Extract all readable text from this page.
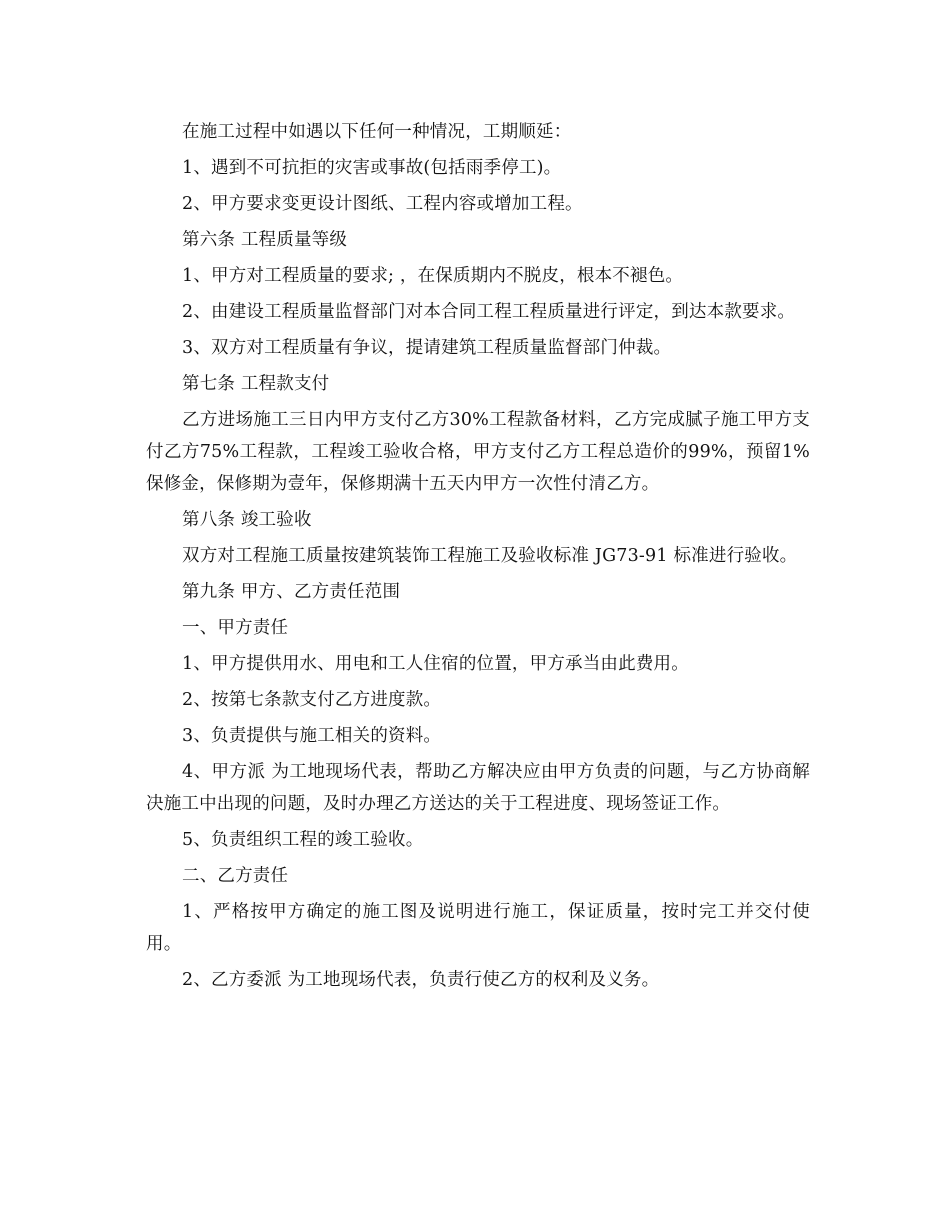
在施工过程中如遇以下任何一种情况，工期顺延：

1、遇到不可抗拒的灾害或事故(包括雨季停工)。

2、甲方要求变更设计图纸、工程内容或增加工程。

第六条 工程质量等级

1、甲方对工程质量的要求; ，在保质期内不脱皮，根本不褪色。

2、由建设工程质量监督部门对本合同工程工程质量进行评定，到达本款要求。

3、双方对工程质量有争议，提请建筑工程质量监督部门仲裁。

第七条 工程款支付

乙方进场施工三日内甲方支付乙方30%工程款备材料，乙方完成腻子施工甲方支付乙方75%工程款，工程竣工验收合格，甲方支付乙方工程总造价的99%，预留1%保修金，保修期为壹年，保修期满十五天内甲方一次性付清乙方。

第八条 竣工验收

双方对工程施工质量按建筑装饰工程施工及验收标准 JG73-91 标准进行验收。

第九条 甲方、乙方责任范围

一、甲方责任

1、甲方提供用水、用电和工人住宿的位置，甲方承当由此费用。

2、按第七条款支付乙方进度款。

3、负责提供与施工相关的资料。

4、甲方派 为工地现场代表，帮助乙方解决应由甲方负责的问题，与乙方协商解决施工中出现的问题，及时办理乙方送达的关于工程进度、现场签证工作。

5、负责组织工程的竣工验收。

二、乙方责任

1、严格按甲方确定的施工图及说明进行施工，保证质量，按时完工并交付使用。

2、乙方委派 为工地现场代表，负责行使乙方的权利及义务。
